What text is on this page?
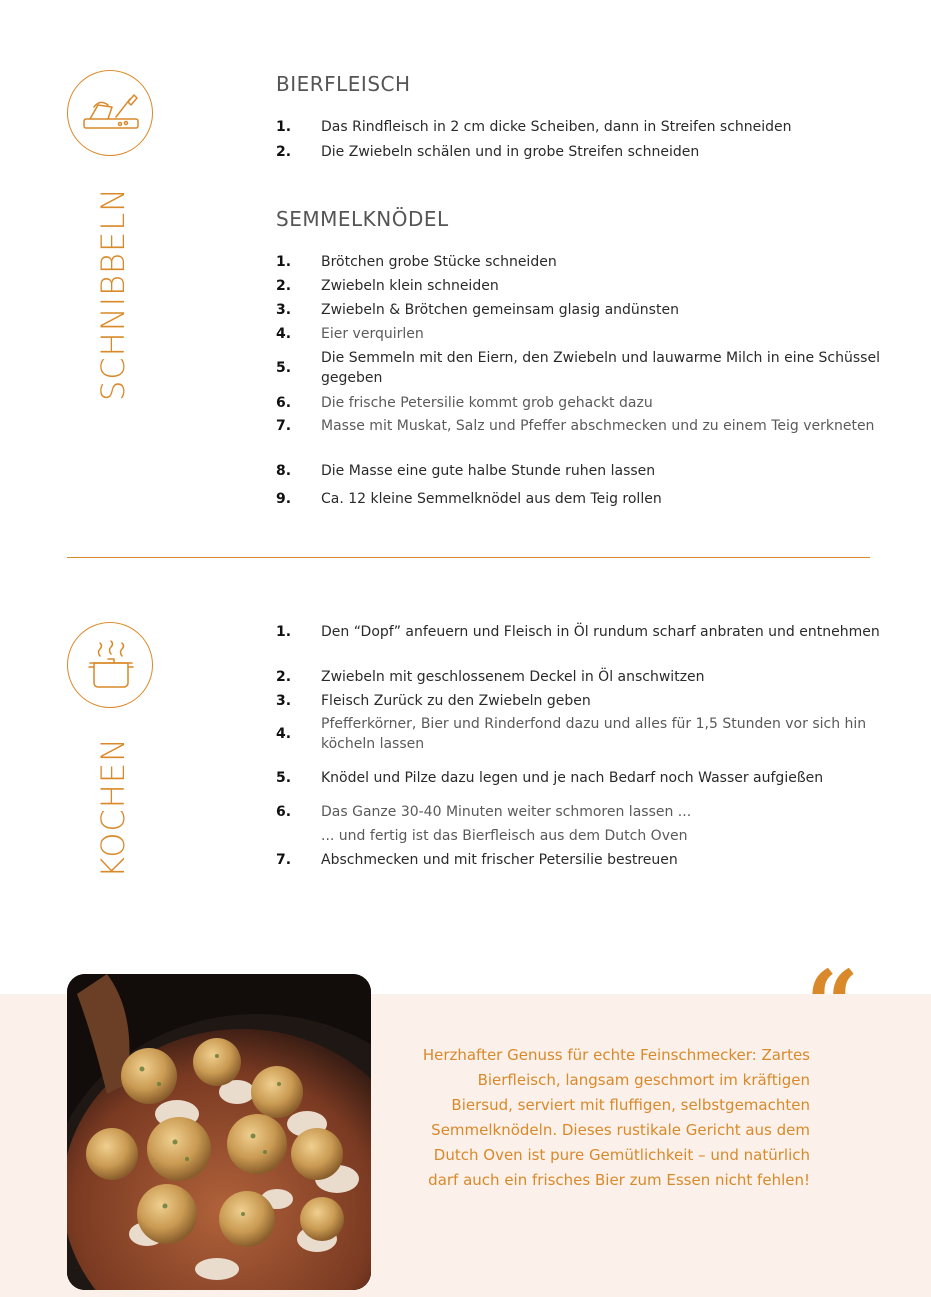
SCHNIBBELN
BIERFLEISCH
1.	Das Rindfleisch in 2 cm dicke Scheiben, dann in Streifen schneiden
2.	Die Zwiebeln schälen und in grobe Streifen schneiden
SEMMELKNÖDEL
1.	Brötchen grobe Stücke schneiden
2.	Zwiebeln klein schneiden
3.	Zwiebeln & Brötchen gemeinsam glasig andünsten
4.	Eier verquirlen
5.
Die Semmeln mit den Eiern, den Zwiebeln und lauwarme Milch in eine Schüssel gegeben
6.	Die frische Petersilie kommt grob gehackt dazu
7.	Masse mit Muskat, Salz und Pfeffer abschmecken und zu einem Teig verkneten
8.	Die Masse eine gute halbe Stunde ruhen lassen
9.	Ca. 12 kleine Semmelknödel aus dem Teig rollen
KOCHEN
1.	Den “Dopf” anfeuern und Fleisch in Öl rundum scharf anbraten und entnehmen
2.	Zwiebeln mit geschlossenem Deckel in Öl anschwitzen
3.	Fleisch Zurück zu den Zwiebeln geben
4.
Pfefferkörner, Bier und Rinderfond dazu und alles für 1,5 Stunden vor sich hin köcheln lassen
5.	Knödel und Pilze dazu legen und je nach Bedarf noch Wasser aufgießen
6.	Das Ganze 30-40 Minuten weiter schmoren lassen ...
... und fertig ist das Bierfleisch aus dem Dutch Oven
7.	Abschmecken und mit frischer Petersilie bestreuen
“
Herzhafter Genuss für echte Feinschmecker: Zartes Bierfleisch, langsam geschmort im kräftigen Biersud, serviert mit fluffigen, selbstgemachten Semmelknödeln. Dieses rustikale Gericht aus dem Dutch Oven ist pure Gemütlichkeit – und natürlich darf auch ein frisches Bier zum Essen nicht fehlen!
